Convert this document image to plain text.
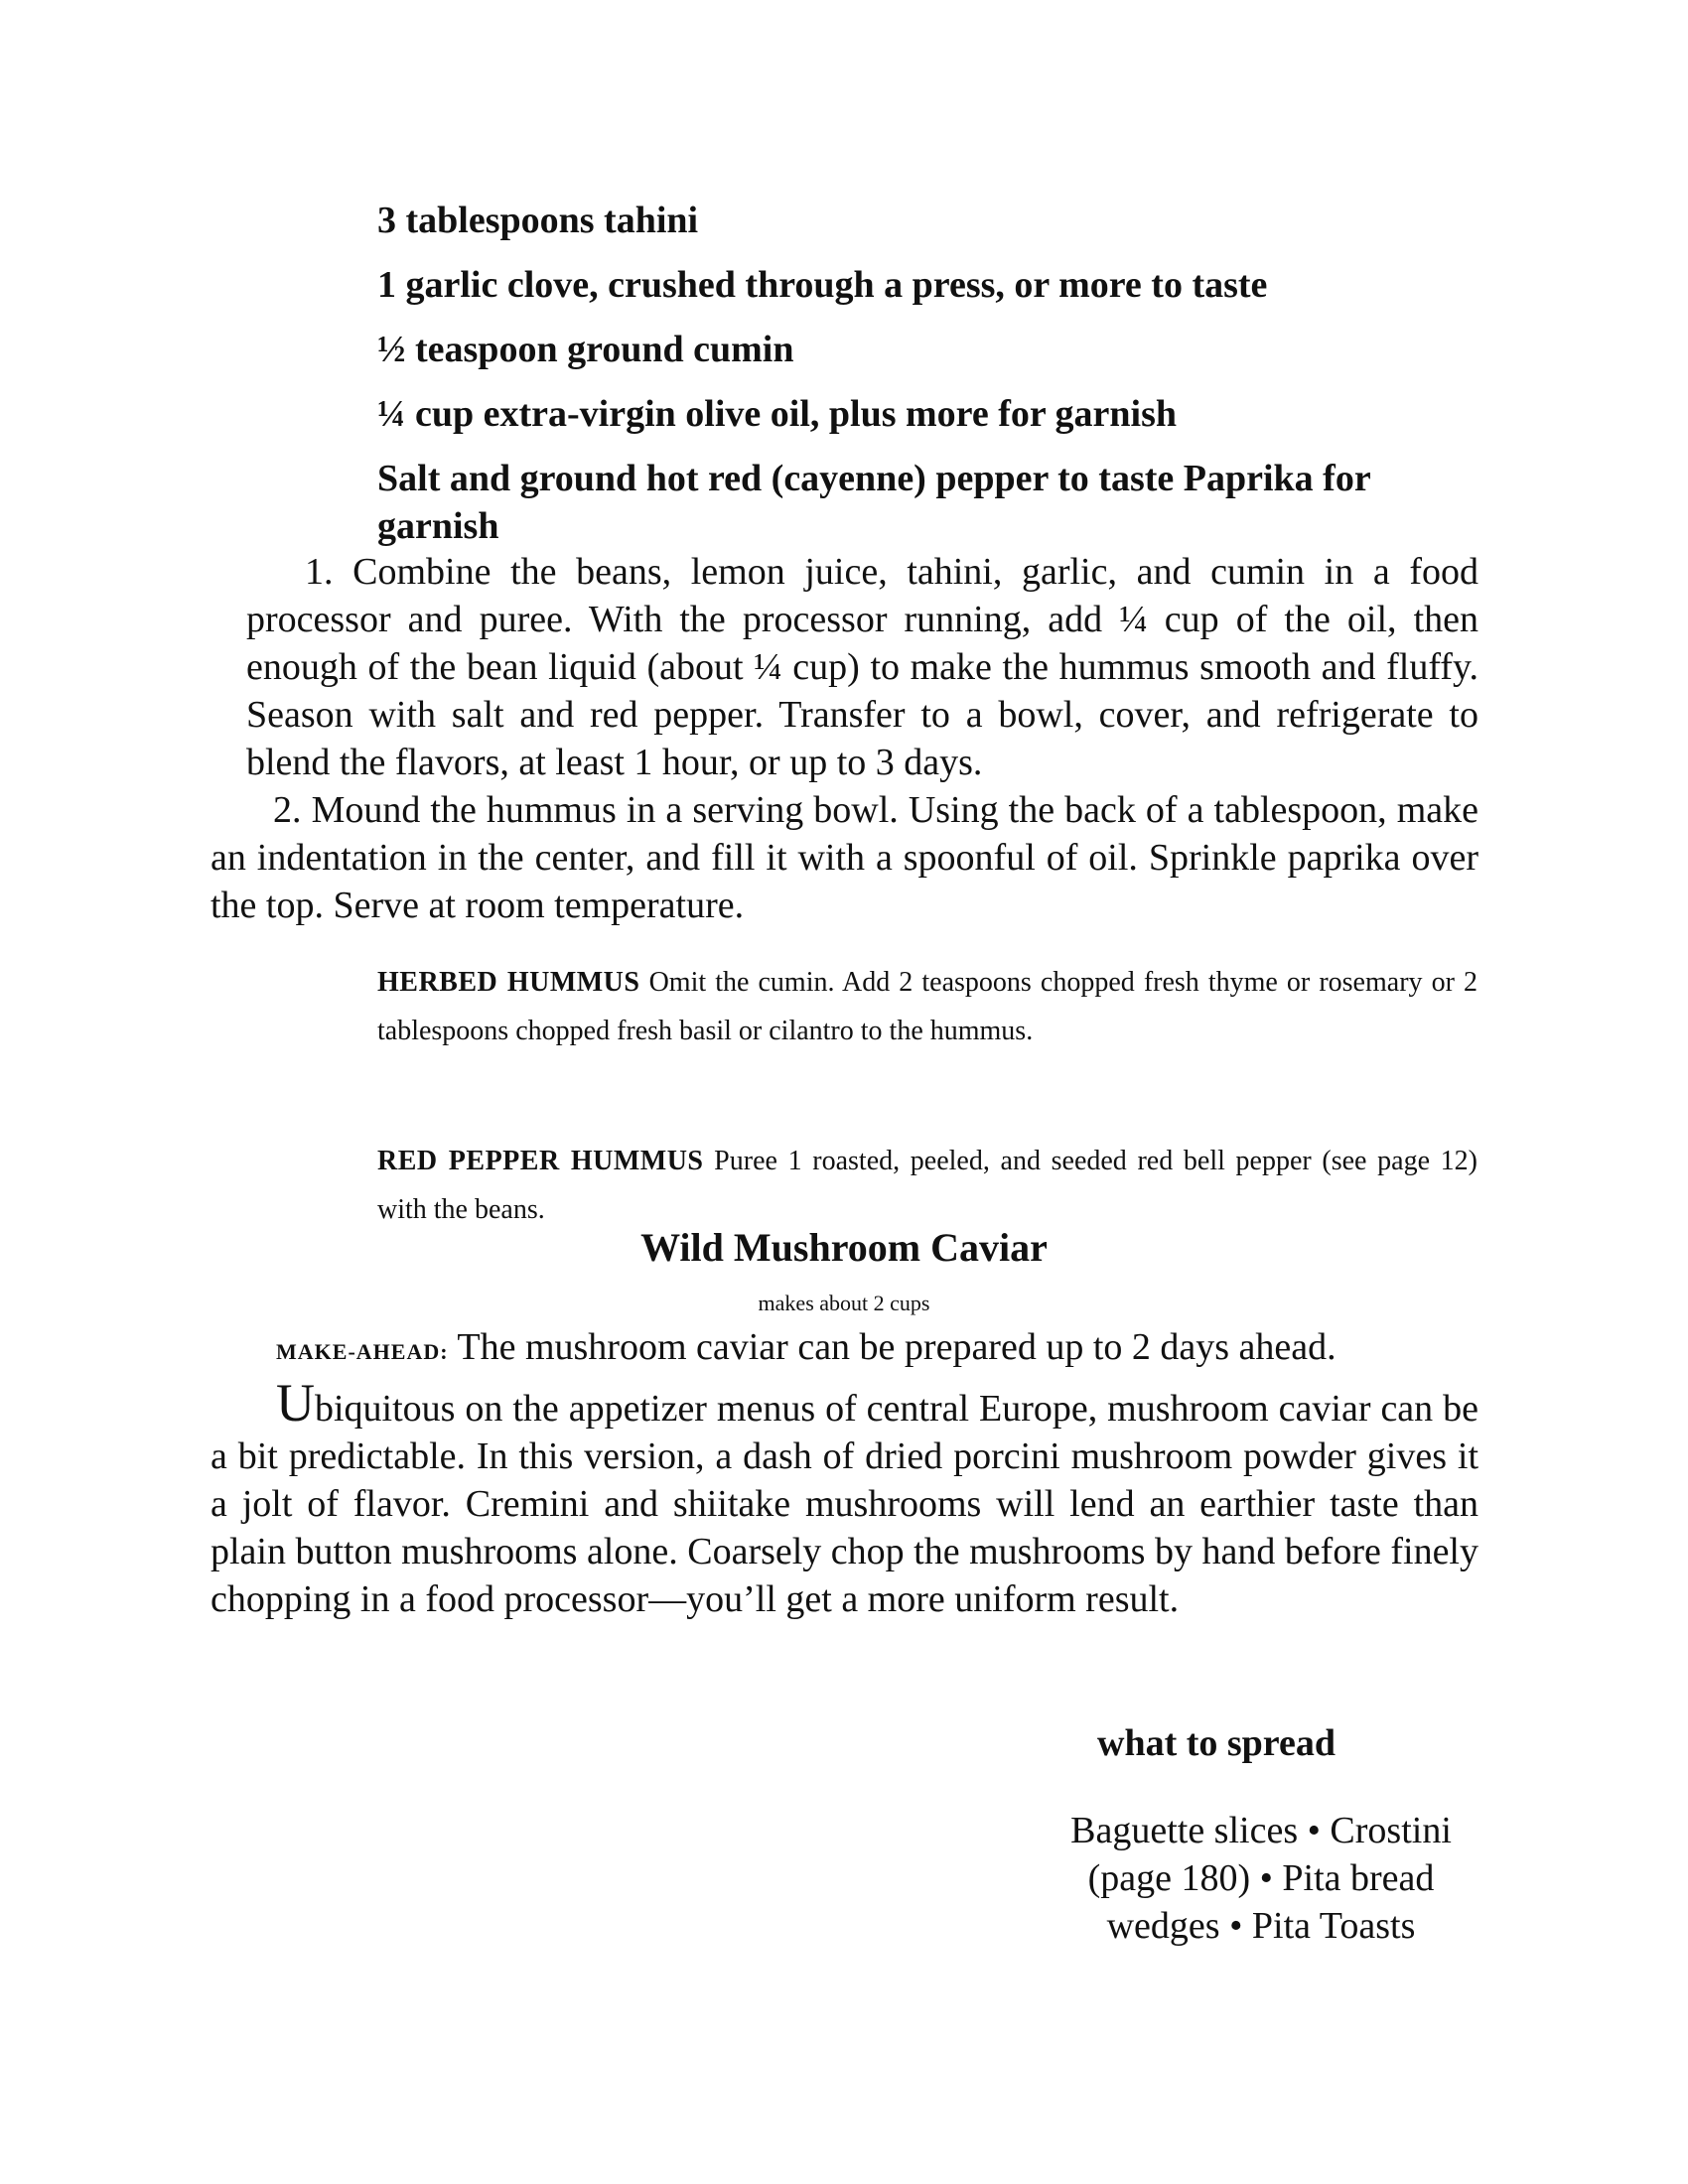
3 tablespoons tahini

1 garlic clove, crushed through a press, or more to taste

½ teaspoon ground cumin

¼ cup extra-virgin olive oil, plus more for garnish

Salt and ground hot red (cayenne) pepper to taste Paprika for garnish

1. Combine the beans, lemon juice, tahini, garlic, and cumin in a food processor and puree. With the processor running, add ¼ cup of the oil, then enough of the bean liquid (about ¼ cup) to make the hummus smooth and fluffy. Season with salt and red pepper. Transfer to a bowl, cover, and refrigerate to blend the flavors, at least 1 hour, or up to 3 days.

2. Mound the hummus in a serving bowl. Using the back of a tablespoon, make an indentation in the center, and fill it with a spoonful of oil. Sprinkle paprika over the top. Serve at room temperature.

HERBED HUMMUS Omit the cumin. Add 2 teaspoons chopped fresh thyme or rosemary or 2 tablespoons chopped fresh basil or cilantro to the hummus.

RED PEPPER HUMMUS Puree 1 roasted, peeled, and seeded red bell pepper (see page 12) with the beans.

Wild Mushroom Caviar

makes about 2 cups

MAKE-AHEAD: The mushroom caviar can be prepared up to 2 days ahead.

Ubiquitous on the appetizer menus of central Europe, mushroom caviar can be a bit predictable. In this version, a dash of dried porcini mushroom powder gives it a jolt of flavor. Cremini and shiitake mushrooms will lend an earthier taste than plain button mushrooms alone. Coarsely chop the mushrooms by hand before finely chopping in a food processor—you’ll get a more uniform result.

what to spread

Baguette slices • Crostini (page 180) • Pita bread wedges • Pita Toasts
